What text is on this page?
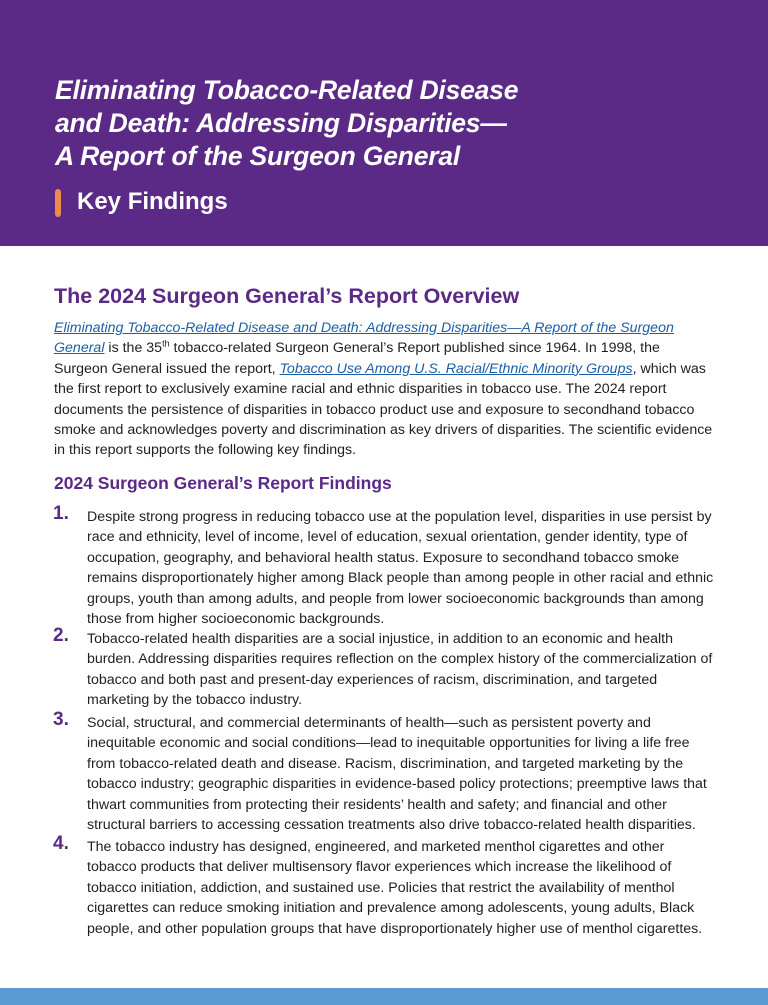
Eliminating Tobacco-Related Disease
and Death: Addressing Disparities—
A Report of the Surgeon General
Key Findings
The 2024 Surgeon General’s Report Overview

Eliminating Tobacco-Related Disease and Death: Addressing Disparities—A Report of the Surgeon General is the 35th tobacco-related Surgeon General’s Report published since 1964. In 1998, the Surgeon General issued the report, Tobacco Use Among U.S. Racial/Ethnic Minority Groups, which was the first report to exclusively examine racial and ethnic disparities in tobacco use. The 2024 report documents the persistence of disparities in tobacco product use and exposure to secondhand tobacco smoke and acknowledges poverty and discrimination as key drivers of disparities. The scientific evidence in this report supports the following key findings.

2024 Surgeon General’s Report Findings
1. Despite strong progress in reducing tobacco use at the population level, disparities in use persist by race and ethnicity, level of income, level of education, sexual orientation, gender identity, type of occupation, geography, and behavioral health status. Exposure to secondhand tobacco smoke remains disproportionately higher among Black people than among people in other racial and ethnic groups, youth than among adults, and people from lower socioeconomic backgrounds than among those from higher socioeconomic backgrounds.

2. Tobacco-related health disparities are a social injustice, in addition to an economic and health burden. Addressing disparities requires reflection on the complex history of the commercialization of tobacco and both past and present-day experiences of racism, discrimination, and targeted marketing by the tobacco industry.

3. Social, structural, and commercial determinants of health—such as persistent poverty and inequitable economic and social conditions—lead to inequitable opportunities for living a life free from tobacco-related death and disease. Racism, discrimination, and targeted marketing by the tobacco industry; geographic disparities in evidence-based policy protections; preemptive laws that thwart communities from protecting their residents’ health and safety; and financial and other structural barriers to accessing cessation treatments also drive tobacco-related health disparities.

4. The tobacco industry has designed, engineered, and marketed menthol cigarettes and other tobacco products that deliver multisensory flavor experiences which increase the likelihood of tobacco initiation, addiction, and sustained use. Policies that restrict the availability of menthol cigarettes can reduce smoking initiation and prevalence among adolescents, young adults, Black people, and other population groups that have disproportionately higher use of menthol cigarettes.
